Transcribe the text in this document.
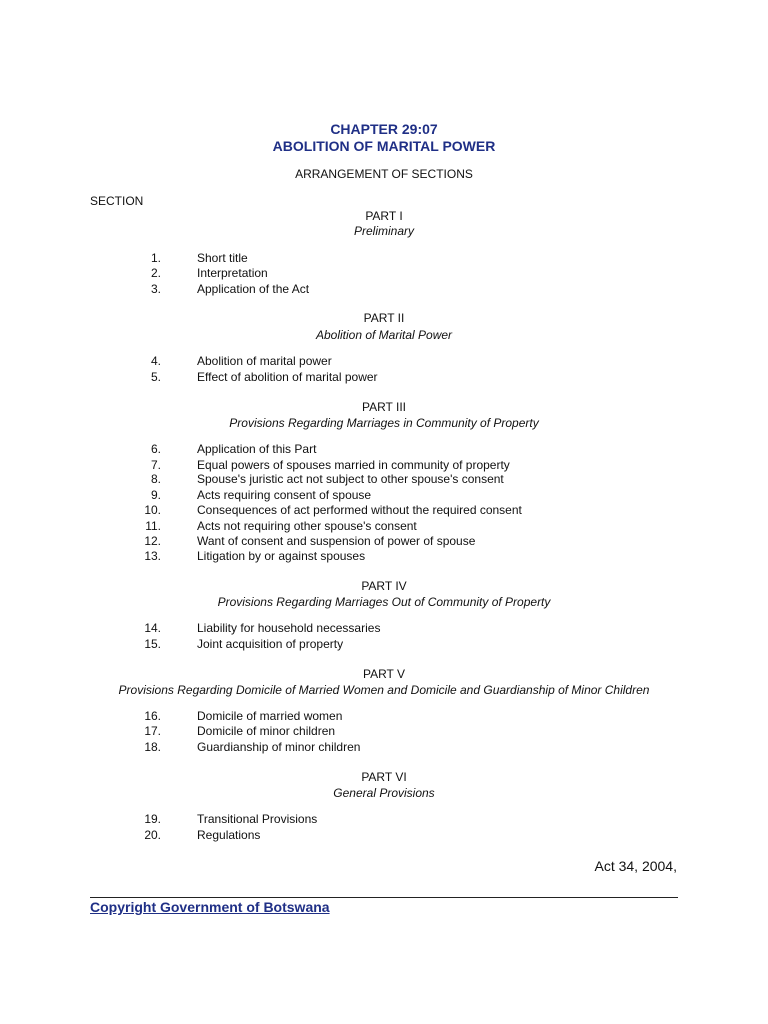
CHAPTER 29:07
ABOLITION OF MARITAL POWER
ARRANGEMENT OF SECTIONS
SECTION
PART I
Preliminary
1.	Short title
2.	Interpretation
3.	Application of the Act
PART II
Abolition of Marital Power
4.	Abolition of marital power
5.	Effect of abolition of marital power
PART III
Provisions Regarding Marriages in Community of Property
6.	Application of this Part
7.	Equal powers of spouses married in community of property
8.	Spouse's juristic act not subject to other spouse's consent
9.	Acts requiring consent of spouse
10.	Consequences of act performed without the required consent
11.	Acts not requiring other spouse's consent
12.	Want of consent and suspension of power of spouse
13.	Litigation by or against spouses
PART IV
Provisions Regarding Marriages Out of Community of Property
14.	Liability for household necessaries
15.	Joint acquisition of property
PART V
Provisions Regarding Domicile of Married Women and Domicile and Guardianship of Minor Children
16.	Domicile of married women
17.	Domicile of minor children
18.	Guardianship of minor children
PART VI
General Provisions
19.	Transitional Provisions
20.	Regulations
Act 34, 2004,
Copyright Government of Botswana
